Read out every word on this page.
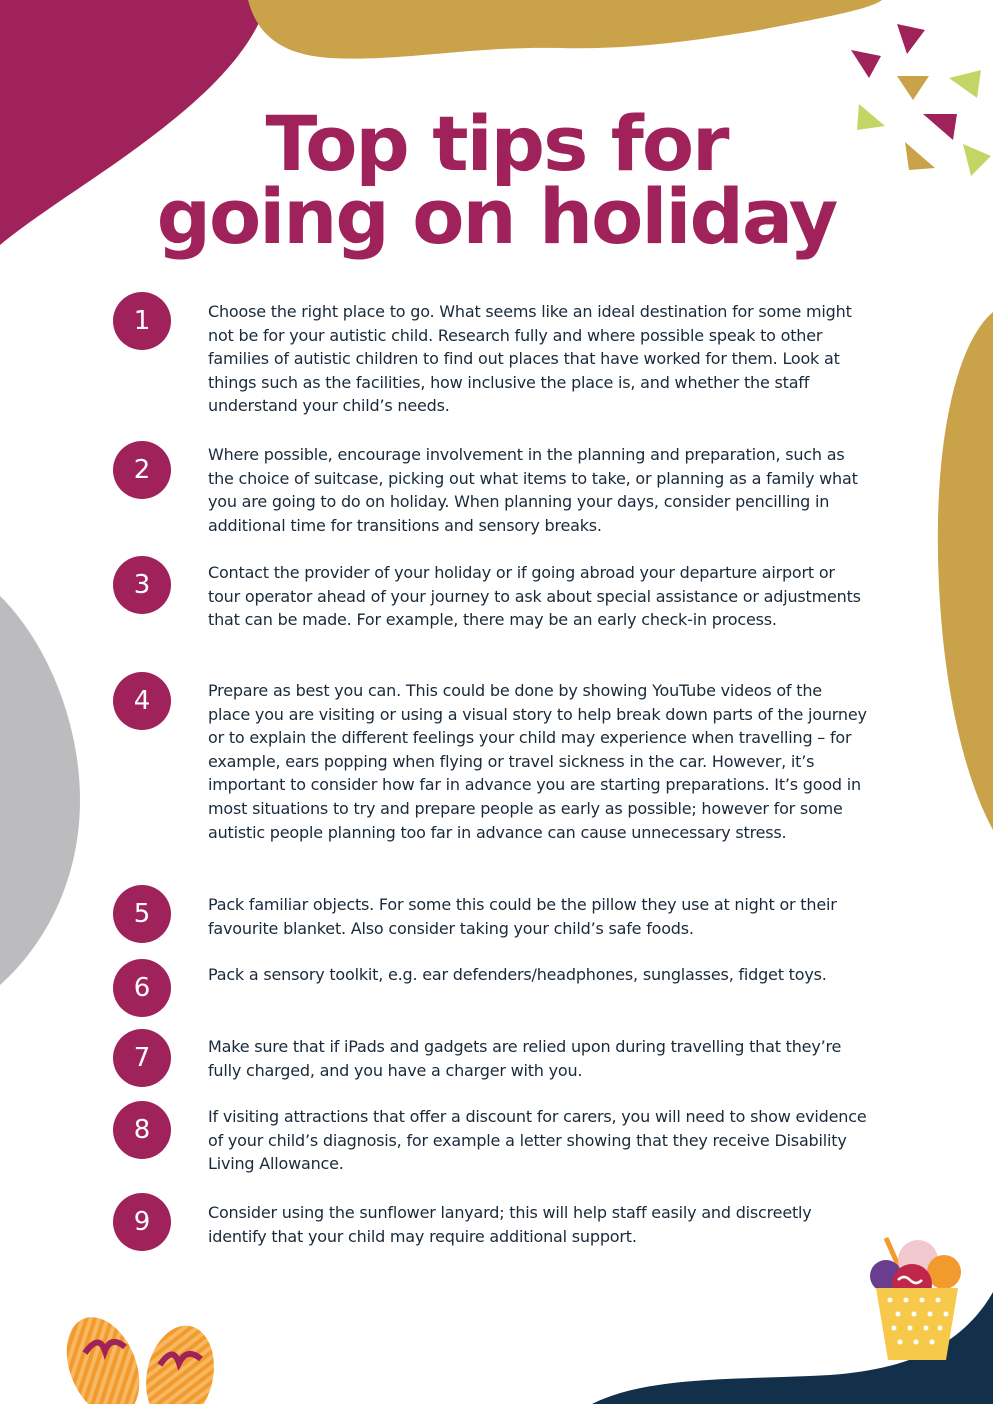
Top tips for
going on holiday
1	Choose the right place to go. What seems like an ideal destination for some might not be for your autistic child. Research fully and where possible speak to other families of autistic children to find out places that have worked for them. Look at things such as the facilities, how inclusive the place is, and whether the staff understand your child’s needs.

2

Where possible, encourage involvement in the planning and preparation, such as the choice of suitcase, picking out what items to take, or planning as a family what you are going to do on holiday. When planning your days, consider pencilling in additional time for transitions and sensory breaks.

3	Contact the provider of your holiday or if going abroad your departure airport or tour operator ahead of your journey to ask about special assistance or adjustments that can be made. For example, there may be an early check-in process.

4	Prepare as best you can. This could be done by showing YouTube videos of the place you are visiting or using a visual story to help break down parts of the journey or to explain the different feelings your child may experience when travelling – for example, ears popping when flying or travel sickness in the car. However, it’s important to consider how far in advance you are starting preparations. It’s good in most situations to try and prepare people as early as possible; however for some autistic people planning too far in advance can cause unnecessary stress.

5	Pack familiar objects. For some this could be the pillow they use at night or their favourite blanket. Also consider taking your child’s safe foods.

6	Pack a sensory toolkit, e.g. ear defenders/headphones, sunglasses, fidget toys.

7	Make sure that if iPads and gadgets are relied upon during travelling that they’re fully charged, and you have a charger with you.

8	If visiting attractions that offer a discount for carers, you will need to show evidence of your child’s diagnosis, for example a letter showing that they receive Disability Living Allowance.

9	Consider using the sunflower lanyard; this will help staff easily and discreetly identify that your child may require additional support.
